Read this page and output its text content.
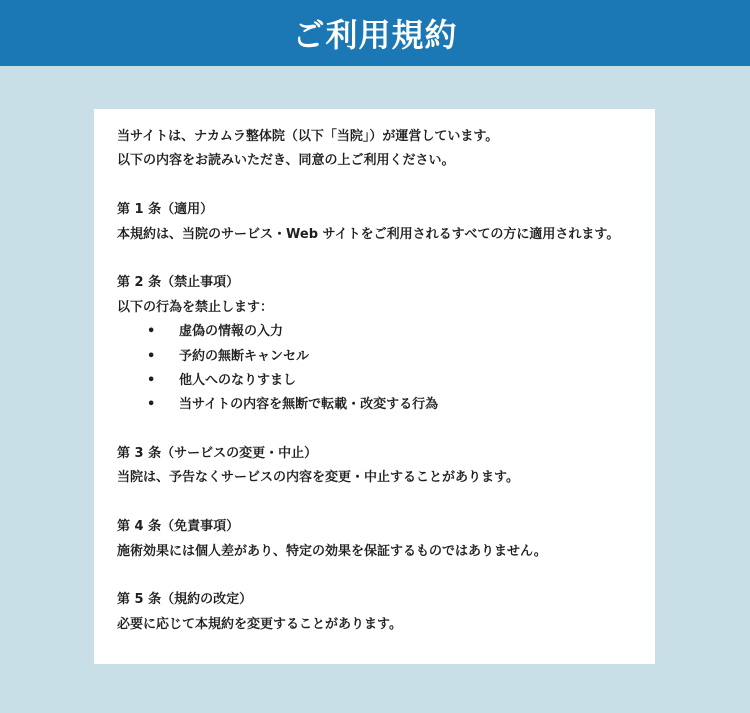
ご利用規約
当サイトは、ナカムラ整体院（以下「当院」）が運営しています。
以下の内容をお読みいただき、同意の上ご利用ください。
第 1 条（適用）
本規約は、当院のサービス・Web サイトをご利用されるすべての方に適用されます。
第 2 条（禁止事項）
以下の行為を禁止します：
•	虚偽の情報の入力
•	予約の無断キャンセル
•	他人へのなりすまし
•	当サイトの内容を無断で転載・改変する行為
第 3 条（サービスの変更・中止）
当院は、予告なくサービスの内容を変更・中止することがあります。
第 4 条（免責事項）
施術効果には個人差があり、特定の効果を保証するものではありません。
第 5 条（規約の改定）
必要に応じて本規約を変更することがあります。
